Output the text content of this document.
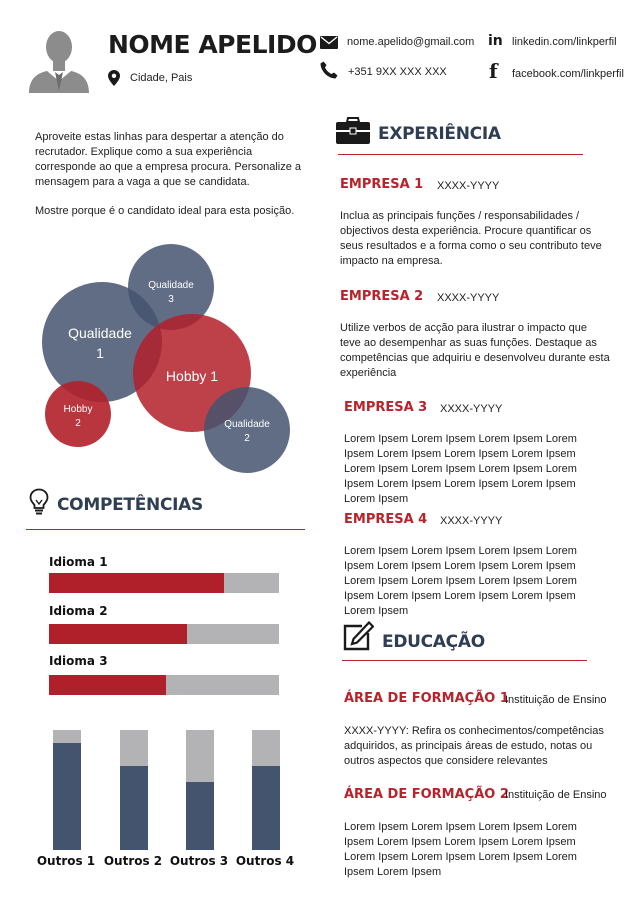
NOME APELIDO
Cidade, Pais
nome.apelido@gmail.com
+351 9XX XXX XXX
in linkedin.com/linkperfil
f facebook.com/linkperfil

Aproveite estas linhas para despertar a atenção do recrutador. Explique como a sua experiência corresponde ao que a empresa procura. Personalize a mensagem para a vaga a que se candidata.

Mostre porque é o candidato ideal para esta posição.

Qualidade
1
Qualidade
3
Hobby 1
Hobby
2	Qualidade
2
COMPETÊNCIAS
Idioma 1
Idioma 2
Idioma 3
Outros 1 Outros 2 Outros 3 Outros 4
EXPERIÊNCIA
EMPRESA 1 XXXX-YYYY
Inclua as principais funções / responsabilidades / objectivos desta experiência. Procure quantificar os seus resultados e a forma como o seu contributo teve impacto na empresa.
EMPRESA 2 XXXX-YYYY
Utilize verbos de acção para ilustrar o impacto que teve ao desempenhar as suas funções. Destaque as competências que adquiriu e desenvolveu durante esta experiência
EMPRESA 3 XXXX-YYYY
Lorem Ipsem Lorem Ipsem Lorem Ipsem Lorem Ipsem Lorem Ipsem Lorem Ipsem Lorem Ipsem Lorem Ipsem Lorem Ipsem Lorem Ipsem Lorem Ipsem Lorem Ipsem Lorem Ipsem Lorem Ipsem Lorem Ipsem
EMPRESA 4 XXXX-YYYY
Lorem Ipsem Lorem Ipsem Lorem Ipsem Lorem Ipsem Lorem Ipsem Lorem Ipsem Lorem Ipsem Lorem Ipsem Lorem Ipsem Lorem Ipsem Lorem Ipsem Lorem Ipsem Lorem Ipsem Lorem Ipsem Lorem Ipsem
EDUCAÇÃO
ÁREA DE FORMAÇÃO 1
Instituição de Ensino
XXXX-YYYY: Refira os conhecimentos/competências adquiridos, as principais áreas de estudo, notas ou outros aspectos que considere relevantes
ÁREA DE FORMAÇÃO 2
Instituição de Ensino
Lorem Ipsem Lorem Ipsem Lorem Ipsem Lorem Ipsem Lorem Ipsem Lorem Ipsem Lorem Ipsem Lorem Ipsem Lorem Ipsem Lorem Ipsem Lorem Ipsem Lorem Ipsem
